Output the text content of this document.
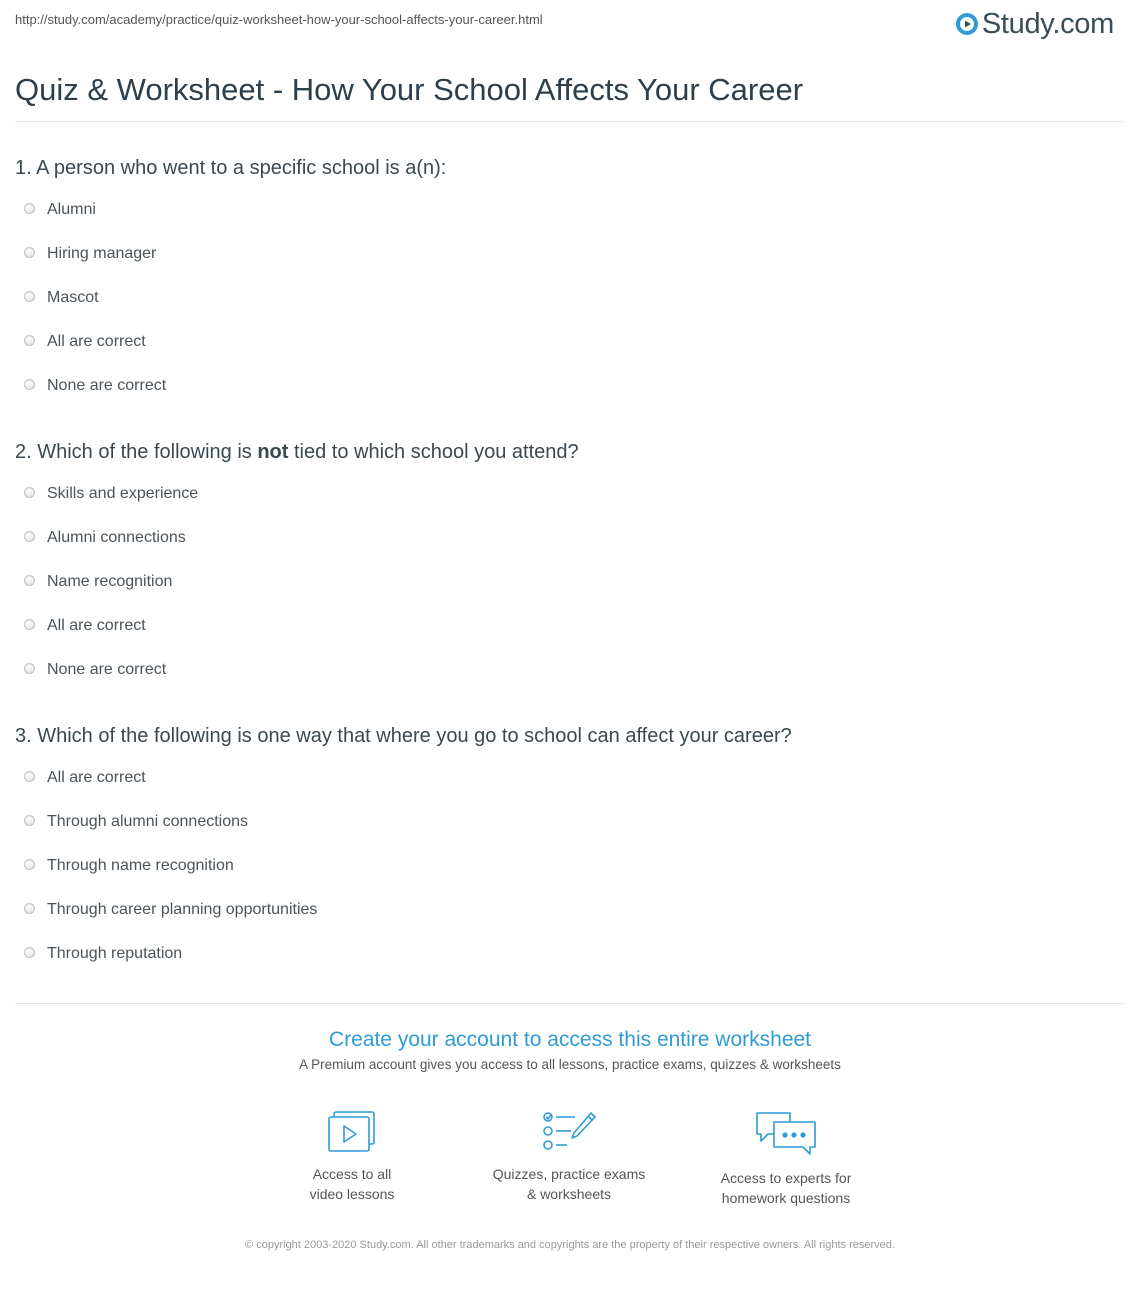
http://study.com/academy/practice/quiz-worksheet-how-your-school-affects-your-career.html	Study.com
Quiz & Worksheet - How Your School Affects Your Career
1. A person who went to a specific school is a(n):
Alumni
Hiring manager
Mascot
All are correct
None are correct
2. Which of the following is not tied to which school you attend?
Skills and experience
Alumni connections
Name recognition
All are correct
None are correct
3. Which of the following is one way that where you go to school can affect your career?
All are correct
Through alumni connections
Through name recognition
Through career planning opportunities
Through reputation
Create your account to access this entire worksheet
A Premium account gives you access to all lessons, practice exams, quizzes & worksheets
Access to all
video lessons
Quizzes, practice exams
& worksheets
Access to experts for
homework questions
© copyright 2003-2020 Study.com. All other trademarks and copyrights are the property of their respective owners. All rights reserved.
